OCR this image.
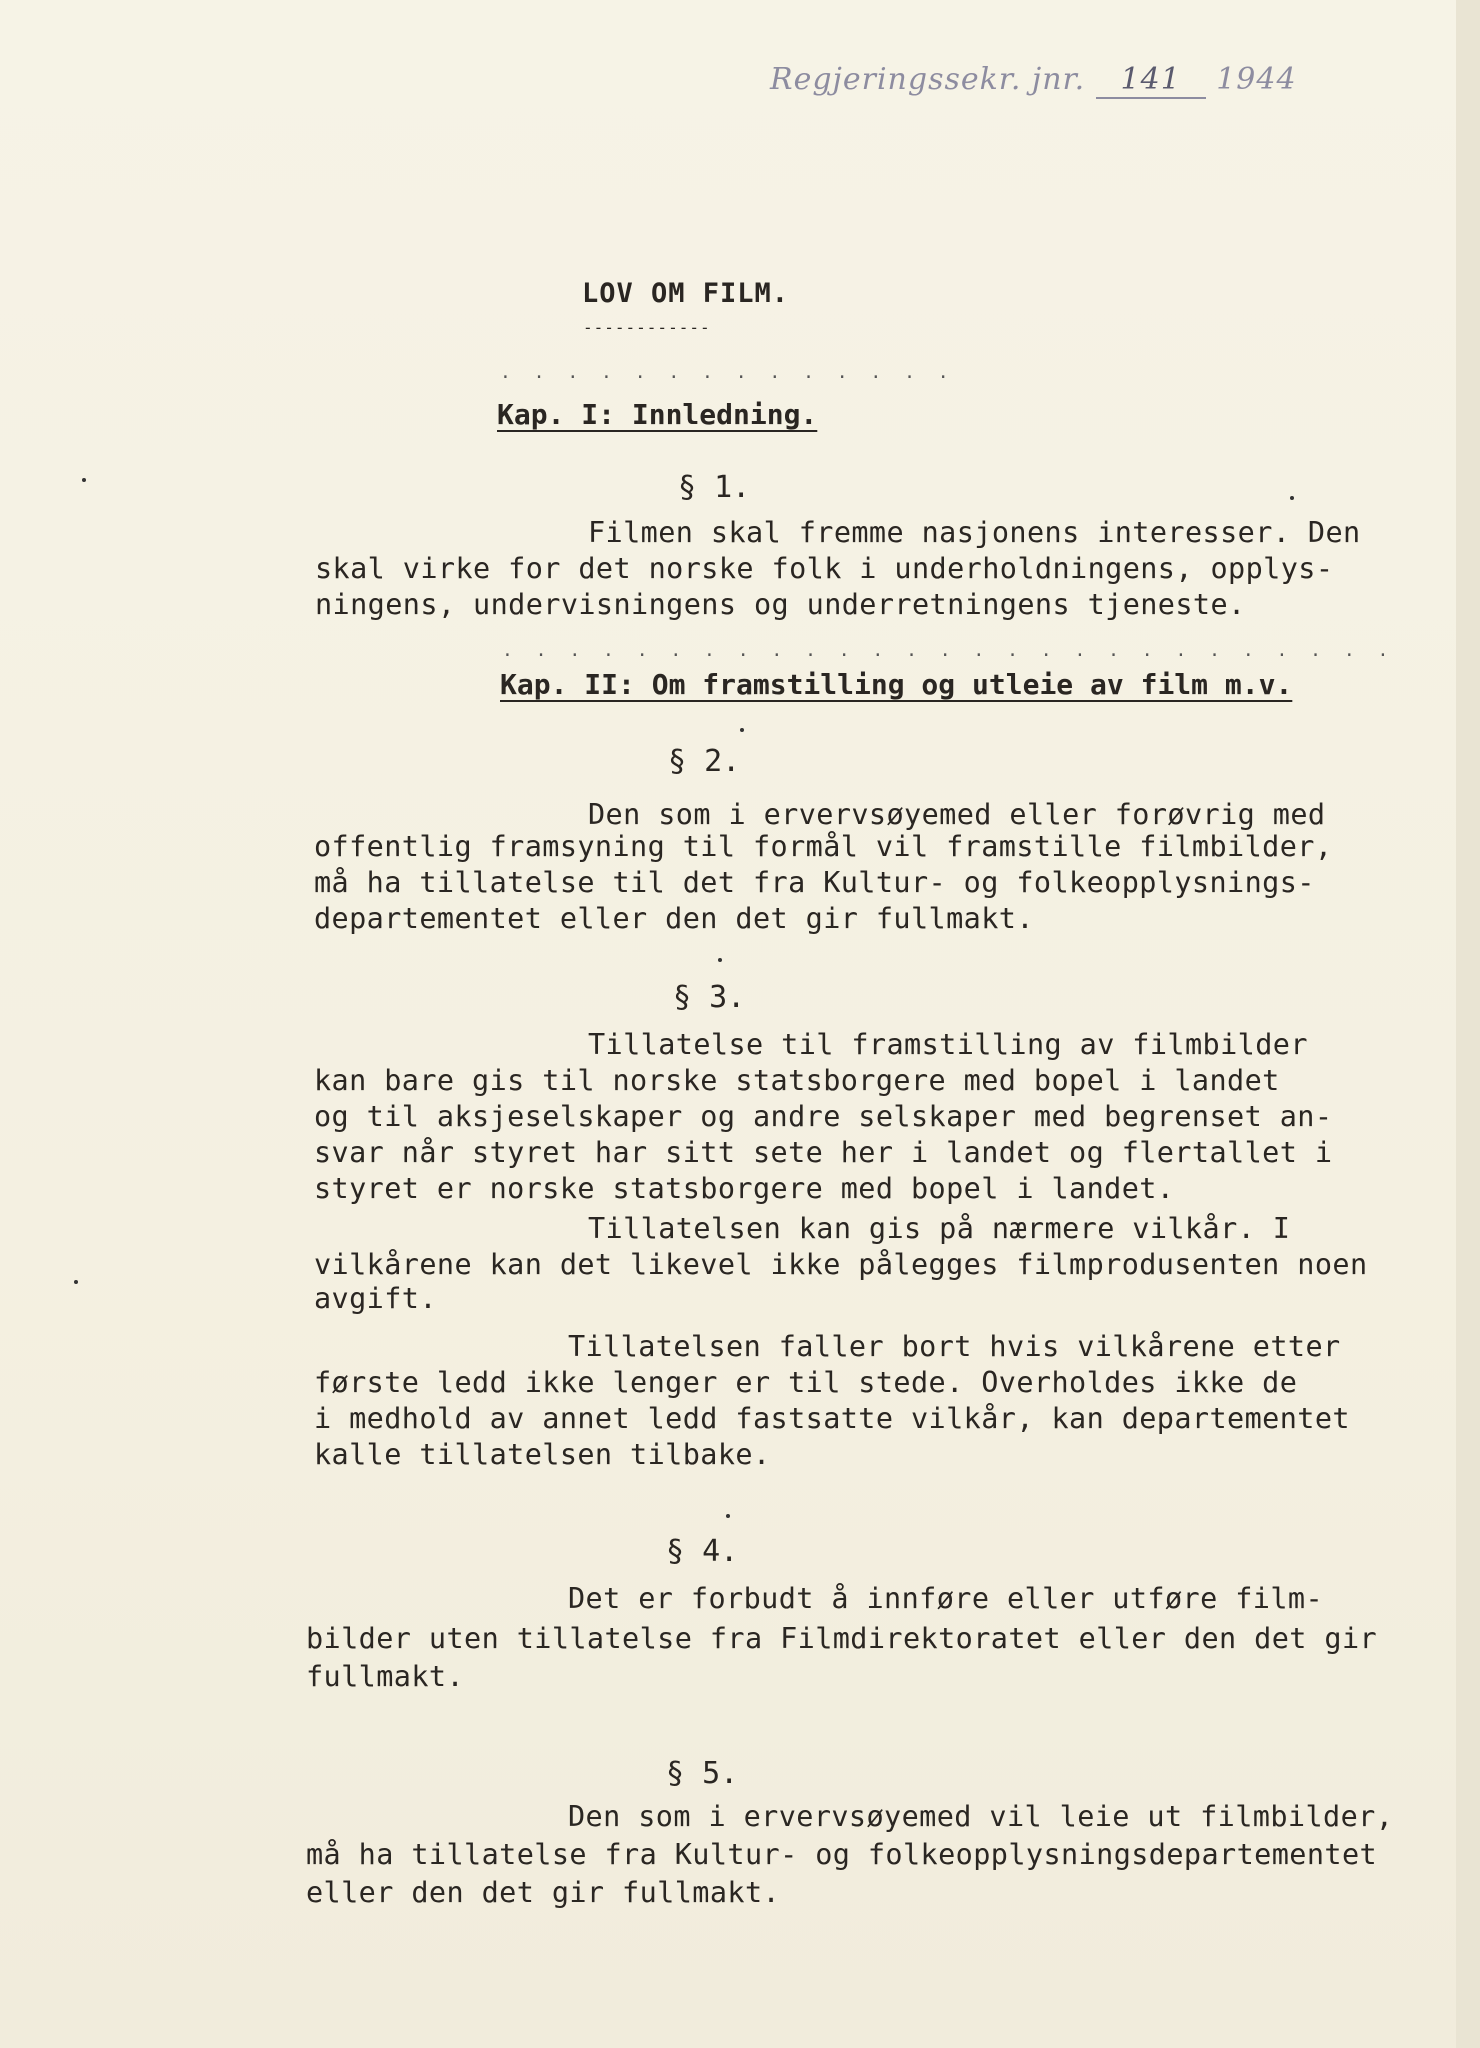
Regjeringssekr. jnr. 141 1944
LOV OM FILM.
------------
. . . . . . . . . . . . . .
Kap. I: Innledning.
§ 1.
Filmen skal fremme nasjonens interesser. Den
skal virke for det norske folk i underholdningens, opplys-
ningens, undervisningens og underretningens tjeneste.
. . . . . . . . . . . . . . . . . . . . . . . . . . .
Kap. II: Om framstilling og utleie av film m.v.
§ 2.
Den som i ervervsøyemed eller forøvrig med
offentlig framsyning til formål vil framstille filmbilder,
må ha tillatelse til det fra Kultur- og folkeopplysnings-
departementet eller den det gir fullmakt.
§ 3.
Tillatelse til framstilling av filmbilder
kan bare gis til norske statsborgere med bopel i landet
og til aksjeselskaper og andre selskaper med begrenset an-
svar når styret har sitt sete her i landet og flertallet i
styret er norske statsborgere med bopel i landet.
Tillatelsen kan gis på nærmere vilkår. I
vilkårene kan det likevel ikke pålegges filmprodusenten noen
avgift.
Tillatelsen faller bort hvis vilkårene etter
første ledd ikke lenger er til stede. Overholdes ikke de
i medhold av annet ledd fastsatte vilkår, kan departementet
kalle tillatelsen tilbake.
§ 4.
Det er forbudt å innføre eller utføre film-
bilder uten tillatelse fra Filmdirektoratet eller den det gir
fullmakt.
§ 5.
Den som i ervervsøyemed vil leie ut filmbilder,
må ha tillatelse fra Kultur- og folkeopplysningsdepartementet
eller den det gir fullmakt.
